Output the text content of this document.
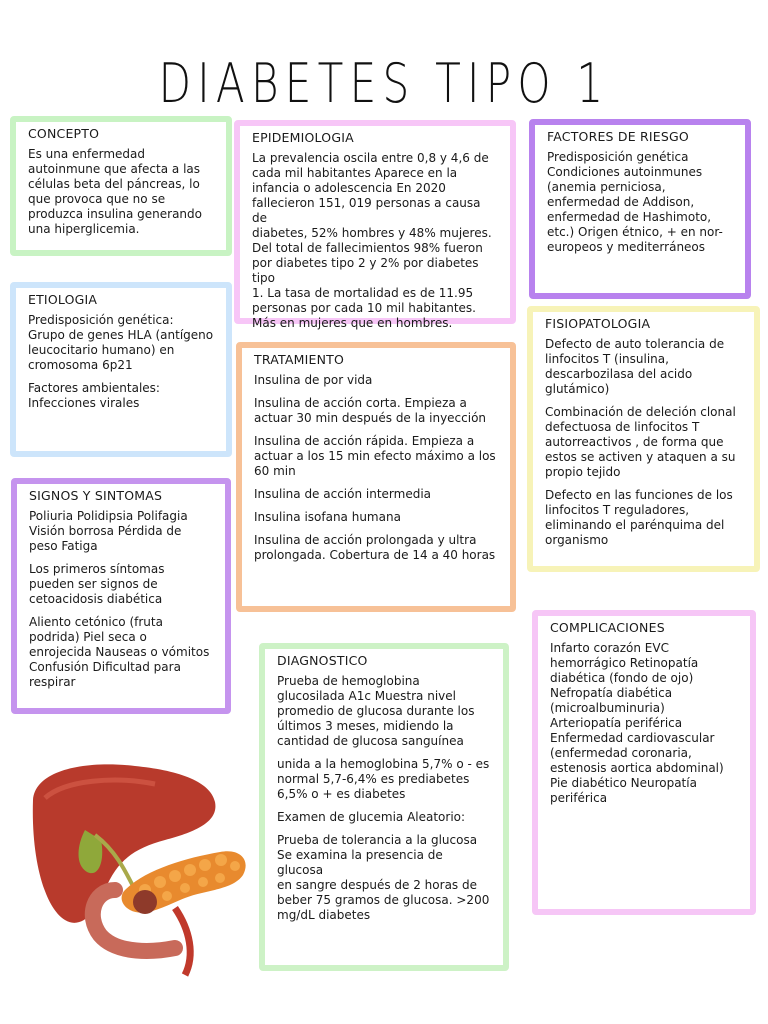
DIABETES TIPO 1
CONCEPTO

Es una enfermedad
autoinmune que afecta a las
células beta del páncreas, lo
que provoca que no se
produzca insulina generando
una hiperglicemia.

EPIDEMIOLOGIA

La prevalencia oscila entre 0,8 y 4,6 de
cada mil habitantes Aparece en la
infancia o adolescencia En 2020
fallecieron 151, 019 personas a causa de
diabetes, 52% hombres y 48% mujeres.
Del total de fallecimientos 98% fueron
por diabetes tipo 2 y 2% por diabetes tipo
1. La tasa de mortalidad es de 11.95
personas por cada 10 mil habitantes.
Más en mujeres que en hombres.

FACTORES DE RIESGO

Predisposición genética
Condiciones autoinmunes
(anemia perniciosa,
enfermedad de Addison,
enfermedad de Hashimoto,
etc.) Origen étnico, + en nor-
europeos y mediterráneos

ETIOLOGIA

Predisposición genética:
Grupo de genes HLA (antígeno
leucocitario humano) en
cromosoma 6p21

Factores ambientales:
Infecciones virales

TRATAMIENTO

Insulina de por vida

Insulina de acción corta. Empieza a
actuar 30 min después de la inyección

Insulina de acción rápida. Empieza a
actuar a los 15 min efecto máximo a los
60 min

Insulina de acción intermedia

Insulina isofana humana

Insulina de acción prolongada y ultra
prolongada. Cobertura de 14 a 40 horas

FISIOPATOLOGIA

Defecto de auto tolerancia de
linfocitos T (insulina,
descarbozilasa del acido
glutámico)

Combinación de deleción clonal
defectuosa de linfocitos T
autorreactivos , de forma que
estos se activen y ataquen a su
propio tejido

Defecto en las funciones de los
linfocitos T reguladores,
eliminando el parénquima del
organismo

SIGNOS Y SINTOMAS

Poliuria Polidipsia Polifagia
Visión borrosa Pérdida de
peso Fatiga

Los primeros síntomas
pueden ser signos de
cetoacidosis diabética

Aliento cetónico (fruta
podrida) Piel seca o
enrojecida Nauseas o vómitos
Confusión Dificultad para
respirar

DIAGNOSTICO

Prueba de hemoglobina
glucosilada A1c Muestra nivel
promedio de glucosa durante los
últimos 3 meses, midiendo la
cantidad de glucosa sanguínea

unida a la hemoglobina 5,7% o - es
normal 5,7-6,4% es prediabetes
6,5% o + es diabetes

Examen de glucemia Aleatorio:

Prueba de tolerancia a la glucosa
Se examina la presencia de glucosa
en sangre después de 2 horas de
beber 75 gramos de glucosa. >200
mg/dL diabetes

COMPLICACIONES

Infarto corazón EVC
hemorrágico Retinopatía
diabética (fondo de ojo)
Nefropatía diabética
(microalbuminuria)
Arteriopatía periférica
Enfermedad cardiovascular
(enfermedad coronaria,
estenosis aortica abdominal)
Pie diabético Neuropatía
periférica
